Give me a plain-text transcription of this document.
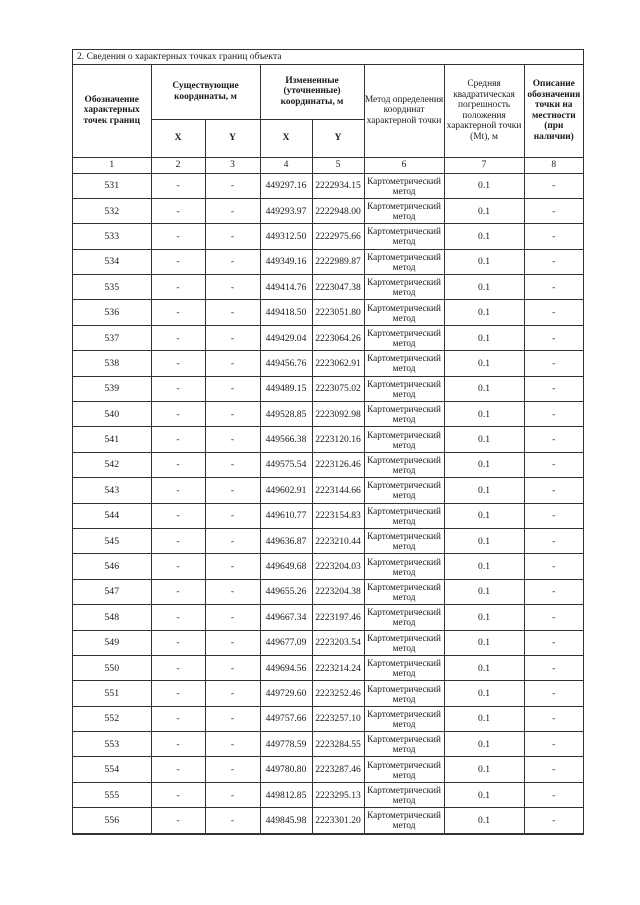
2. Сведения о характерных точках границ объекта
Обозначение характерных точек границ	Существующие координаты, м		Измененные (уточненные) координаты, м		Метод определения координат характерной точки	Средняя квадратическая погрешность положения характерной точки (Mt), м	Описание обозначения точки на местности (при наличии)
	X	Y	X	Y			
1	2	3	4	5	6	7	8
531	-	-	449297.16	2222934.15	Картометрический метод	0.1	-
532	-	-	449293.97	2222948.00	Картометрический метод	0.1	-
533	-	-	449312.50	2222975.66	Картометрический метод	0.1	-
534	-	-	449349.16	2222989.87	Картометрический метод	0.1	-
535	-	-	449414.76	2223047.38	Картометрический метод	0.1	-
536	-	-	449418.50	2223051.80	Картометрический метод	0.1	-
537	-	-	449429.04	2223064.26	Картометрический метод	0.1	-
538	-	-	449456.76	2223062.91	Картометрический метод	0.1	-
539	-	-	449489.15	2223075.02	Картометрический метод	0.1	-
540	-	-	449528.85	2223092.98	Картометрический метод	0.1	-
541	-	-	449566.38	2223120.16	Картометрический метод	0.1	-
542	-	-	449575.54	2223126.46	Картометрический метод	0.1	-
543	-	-	449602.91	2223144.66	Картометрический метод	0.1	-
544	-	-	449610.77	2223154.83	Картометрический метод	0.1	-
545	-	-	449636.87	2223210.44	Картометрический метод	0.1	-
546	-	-	449649.68	2223204.03	Картометрический метод	0.1	-
547	-	-	449655.26	2223204.38	Картометрический метод	0.1	-
548	-	-	449667.34	2223197.46	Картометрический метод	0.1	-
549	-	-	449677.09	2223203.54	Картометрический метод	0.1	-
550	-	-	449694.56	2223214.24	Картометрический метод	0.1	-
551	-	-	449729.60	2223252.46	Картометрический метод	0.1	-
552	-	-	449757.66	2223257.10	Картометрический метод	0.1	-
553	-	-	449778.59	2223284.55	Картометрический метод	0.1	-
554	-	-	449780.80	2223287.46	Картометрический метод	0.1	-
555	-	-	449812.85	2223295.13	Картометрический метод	0.1	-
556	-	-	449845.98	2223301.20	Картометрический метод	0.1	-
